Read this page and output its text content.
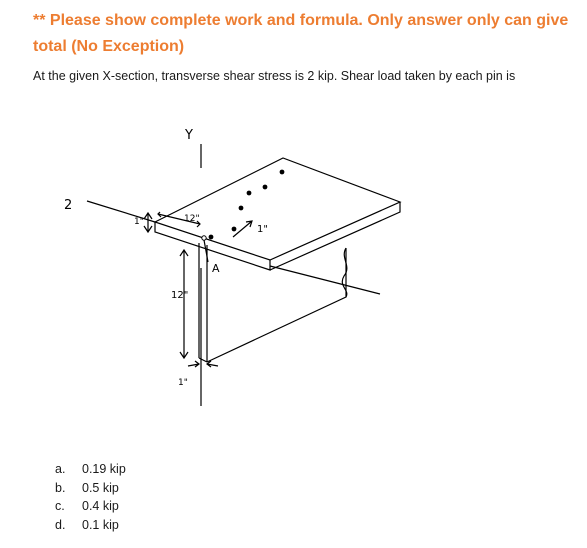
** Please show complete work and formula. Only answer only can give total (No Exception)
At the given X-section, transverse shear stress is 2 kip. Shear load taken by each pin is
Y
2
1"	12"
1"
A
12"
1"
a.	0.19 kip
b.	0.5 kip
c.	0.4 kip
d.	0.1 kip
